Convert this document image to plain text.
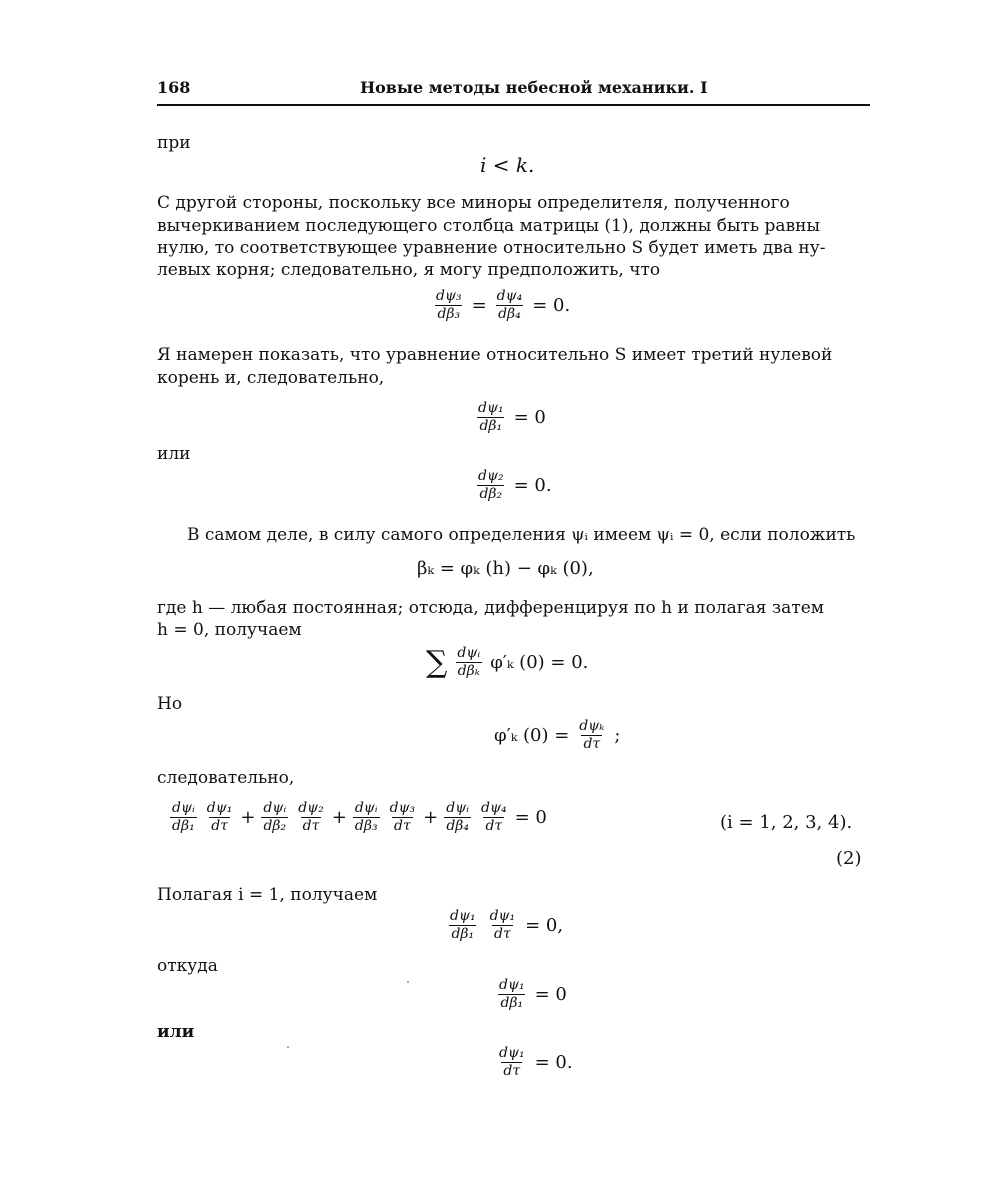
168	Новые методы небесной механики. I
при
i < k.
С другой стороны, поскольку все миноры определителя, полученного
вычеркиванием последующего столбца матрицы (1), должны быть равны
нулю, то соответствующее уравнение относительно S будет иметь два ну-
левых корня; следовательно, я могу предположить, что
$\frac{\text{dψ₃}}{\text{dβ₃}} = \frac{\text{dψ₄}}{\text{dβ₄}} = 0$.
Я намерен показать, что уравнение относительно S имеет третий нулевой
корень и, следовательно,
$\frac{\text{dψ₁}}{\text{dβ₁}} = 0$
или
$\frac{\text{dψ₂}}{\text{dβ₂}} = 0$.
В самом деле, в силу самого определения ψᵢ имеем ψᵢ = 0, если положить
βₖ = φₖ (h) − φₖ (0),
где h — любая постоянная; отсюда, дифференцируя по h и полагая затем
h = 0, получаем
∑ $\frac{\text{dψᵢ}}{\text{dβₖ}} \varphi'_k$ (0) = 0.
Но
φ′ₖ $(0) = \frac{\text{dψₖ}}{d\tau}$ ;
следовательно,
$\frac{\text{dψᵢ}}{\text{dβ₁}} \frac{\text{dψ₁}}{d\tau} + \frac{\text{dψᵢ}}{\text{dβ₂}} \frac{\text{dψ₂}}{d\tau} + \frac{\text{dψᵢ}}{\text{dβ₃}} \frac{\text{dψ₃}}{d\tau} + \frac{\text{dψᵢ}}{\text{dβ₄}} \frac{\text{dψ₄}}{d\tau} = 0$	(i = 1, 2, 3, 4).
(2)
Полагая i = 1, получаем
$\frac{\text{dψ₁}}{\text{dβ₁}} \frac{\text{dψ₁}}{d\tau} = 0$,
откуда
$\frac{\text{dψ₁}}{\text{dβ₁}} = 0$
или
$\frac{\text{dψ₁}}{d\tau} = 0$.
